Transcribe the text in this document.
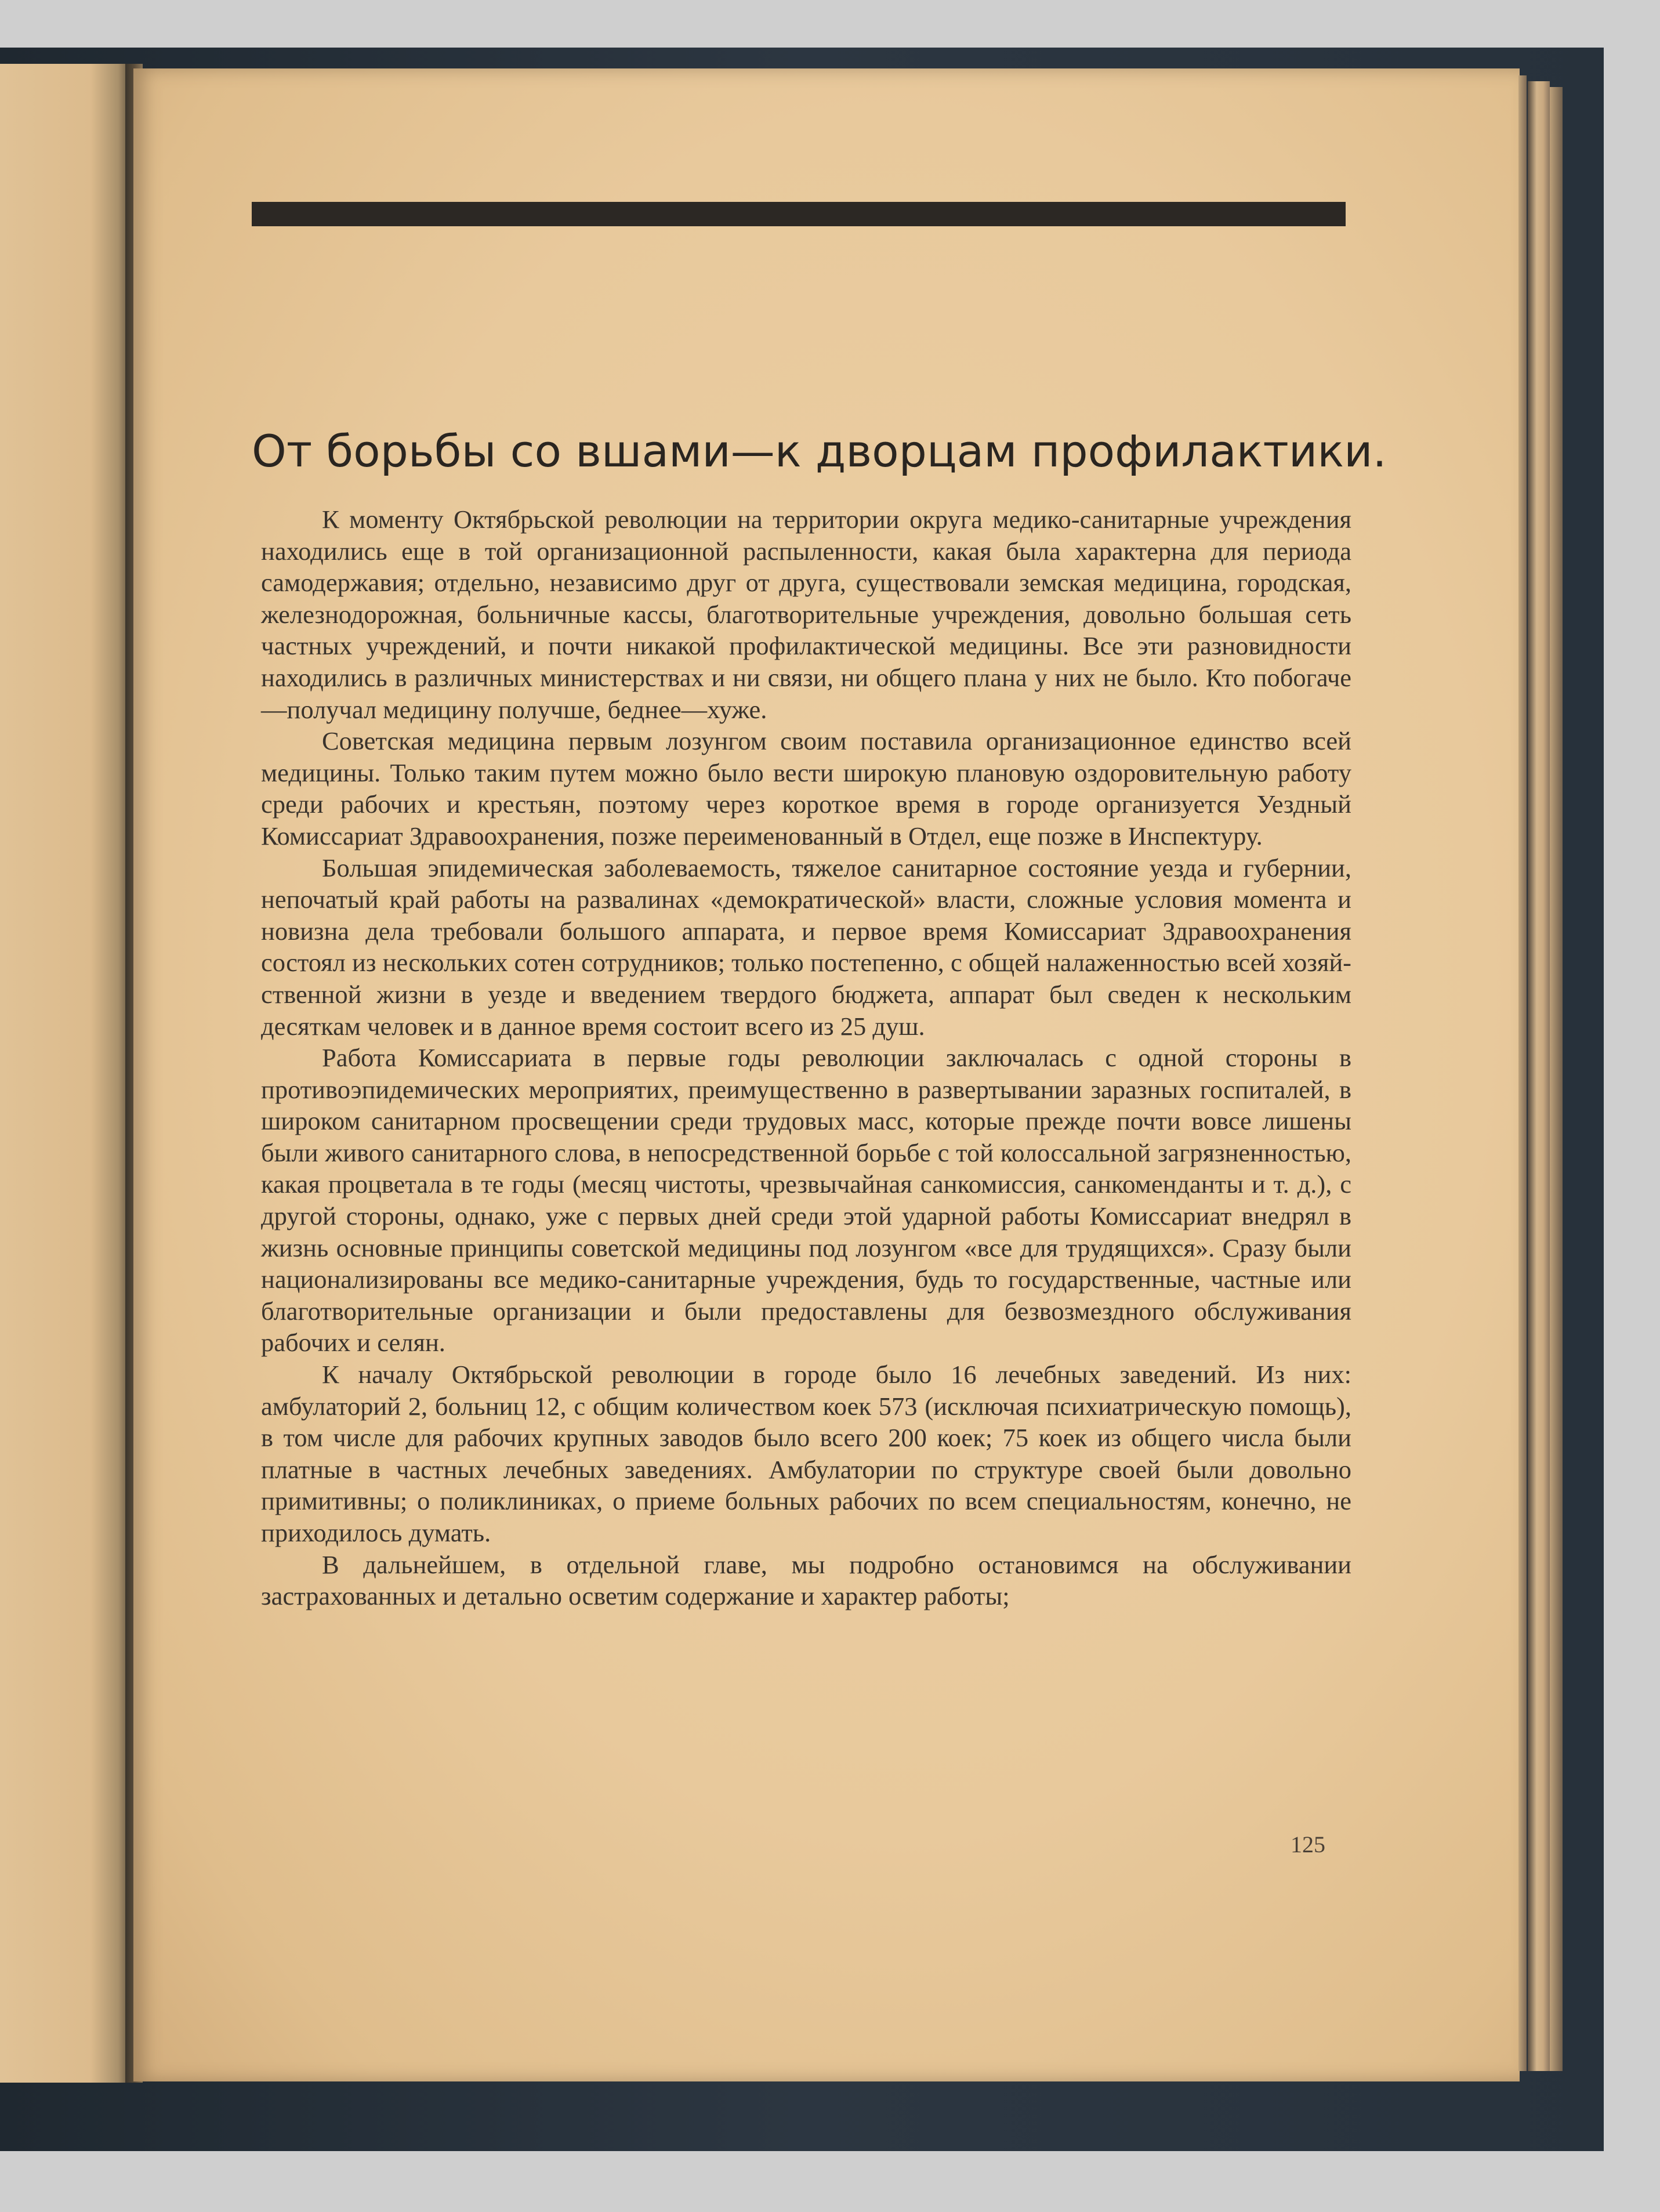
От борьбы со вшами—к дворцам профилактики.

К моменту Октябрьской революции на территории округа медико-санитарные учреждения находились еще в той организационной распыленности, какая была характерна для периода самодержавия; отдельно, независимо друг от друга, существовали земская медицина, городская, железнодорожная, больничные кассы, благотворительные учреждения, довольно большая сеть частных учреждений, и почти никакой профилактической медицины. Все эти разновидности находились в различных министерствах и ни связи, ни общего плана у них не было. Кто побогаче—получал медицину получше, беднее—хуже.

Советская медицина первым лозунгом своим поставила организационное единство всей медицины. Только таким путем можно было вести широкую плановую оздоровительную работу среди рабочих и крестьян, поэтому через короткое время в городе организуется Уездный Комиссариат Здравоохранения, позже переименованный в Отдел, еще позже в Инспектуру.

Большая эпидемическая заболеваемость, тяжелое санитарное состояние уезда и губернии, непочатый край работы на развалинах «демократической» власти, сложные условия момента и новизна дела требовали большого аппарата, и первое время Комиссариат Здравоохранения состоял из нескольких сотен сотрудников; только постепенно, с общей налаженностью всей хозяйственной жизни в уезде и введением твердого бюджета, аппарат был сведен к нескольким десяткам человек и в данное время состоит всего из 25 душ.

Работа Комиссариата в первые годы революции заключалась с одной стороны в противоэпидемических мероприятих, преимущественно в развертывании заразных госпиталей, в широком санитарном просвещении среди трудовых масс, которые прежде почти вовсе лишены были живого санитарного слова, в непосредственной борьбе с той колоссальной загрязненностью, какая процветала в те годы (месяц чистоты, чрезвычайная санкомиссия, санкоменданты и т. д.), с другой стороны, однако, уже с первых дней среди этой ударной работы Комиссариат внедрял в жизнь основные принципы советской медицины под лозунгом «все для трудящихся». Сразу были национализированы все медико-санитарные учреждения, будь то государственные, частные или благотворительные организации и были предоставлены для безвозмездного обслуживания рабочих и селян.

К началу Октябрьской революции в городе было 16 лечебных заведений. Из них: амбулаторий 2, больниц 12, с общим количеством коек 573 (исключая психиатрическую помощь), в том числе для рабочих крупных заводов было всего 200 коек; 75 коек из общего числа были платные в частных лечебных заведениях. Амбулатории по структуре своей были довольно примитивны; о поликлиниках, о приеме больных рабочих по всем специальностям, конечно, не приходилось думать.

В дальнейшем, в отдельной главе, мы подробно остановимся на обслуживании застрахованных и детально осветим содержание и характер работы;

125
